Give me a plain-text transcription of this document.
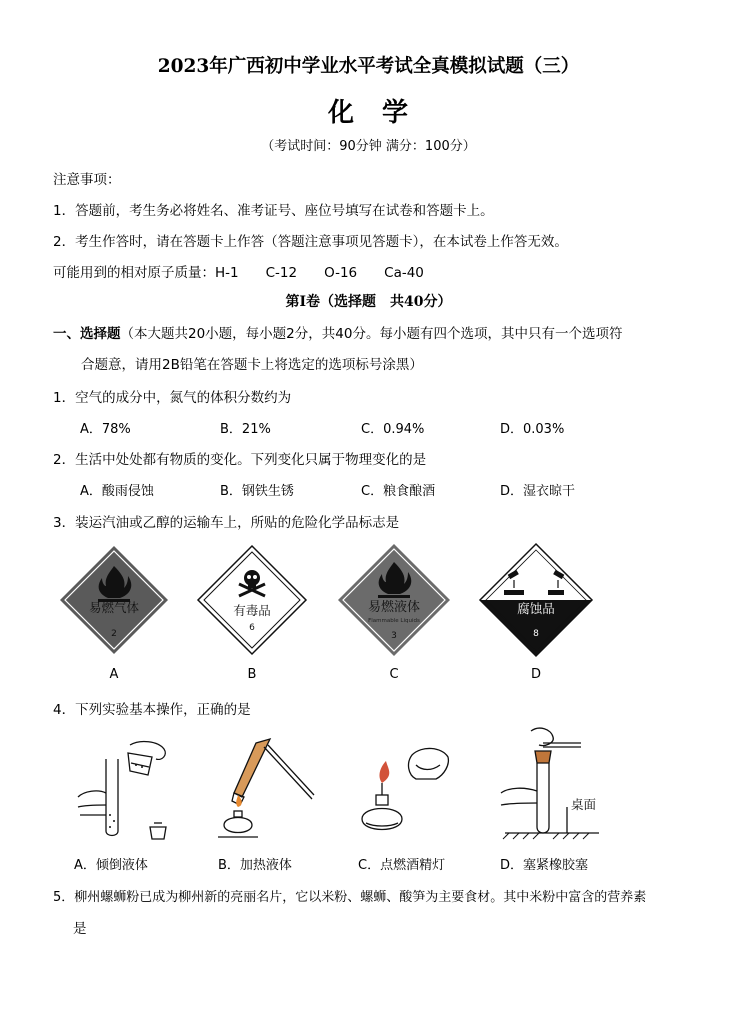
2023年广西初中学业水平考试全真模拟试题（三）
化　学
（考试时间：90分钟 满分：100分）
注意事项：
1．答题前，考生务必将姓名、准考证号、座位号填写在试卷和答题卡上。
2．考生作答时，请在答题卡上作答（答题注意事项见答题卡），在本试卷上作答无效。
可能用到的相对原子质量：H-1　　C-12　　O-16　　Ca-40
第Ⅰ卷（选择题　共40分）
一、选择题（本大题共20小题，每小题2分，共40分。每小题有四个选项，其中只有一个选项符
合题意，请用2B铅笔在答题卡上将选定的选项标号涂黑）
1．空气的成分中，氮气的体积分数约为
A．78%	B．21%	C．0.94%	D．0.03%
2．生活中处处都有物质的变化。下列变化只属于物理变化的是
A．酸雨侵蚀	B．钢铁生锈	C．粮食酿酒	D．湿衣晾干
3．装运汽油或乙醇的运输车上，所贴的危险化学品标志是
易燃气体
2
有毒品
6
易燃液体
Flammable Liquids
3
腐蚀品
8
A	B	C	D
4．下列实验基本操作，正确的是
桌面
A．倾倒液体	B．加热液体	C．点燃酒精灯	D．塞紧橡胶塞
5．柳州螺蛳粉已成为柳州新的亮丽名片，它以米粉、螺蛳、酸笋为主要食材。其中米粉中富含的营养素
是
